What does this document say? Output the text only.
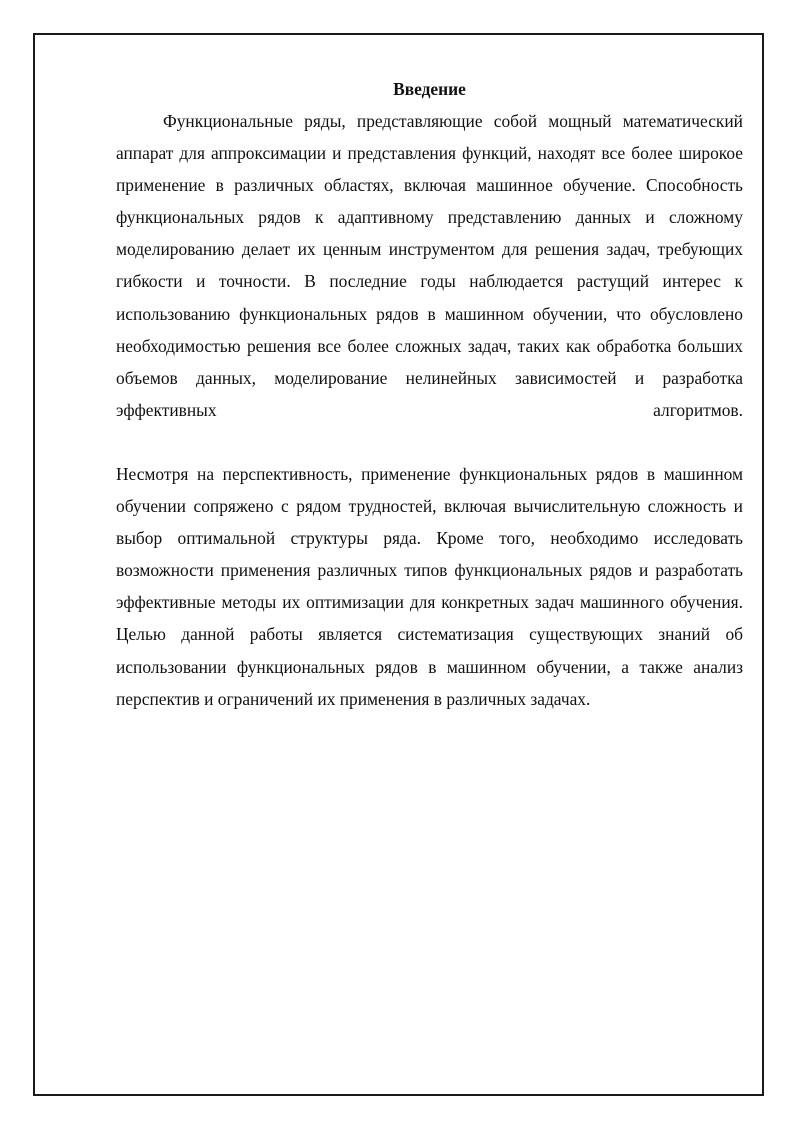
Введение

Функциональные ряды, представляющие собой мощный математический аппарат для аппроксимации и представления функций, находят все более широкое применение в различных областях, включая машинное обучение. Способность функциональных рядов к адаптивному представлению данных и сложному моделированию делает их ценным инструментом для решения задач, требующих гибкости и точности. В последние годы наблюдается растущий интерес к использованию функциональных рядов в машинном обучении, что обусловлено необходимостью решения все более сложных задач, таких как обработка больших объемов данных, моделирование нелинейных зависимостей и разработка эффективных алгоритмов.

Несмотря на перспективность, применение функциональных рядов в машинном обучении сопряжено с рядом трудностей, включая вычислительную сложность и выбор оптимальной структуры ряда. Кроме того, необходимо исследовать возможности применения различных типов функциональных рядов и разработать эффективные методы их оптимизации для конкретных задач машинного обучения. Целью данной работы является систематизация существующих знаний об использовании функциональных рядов в машинном обучении, а также анализ перспектив и ограничений их применения в различных задачах.
